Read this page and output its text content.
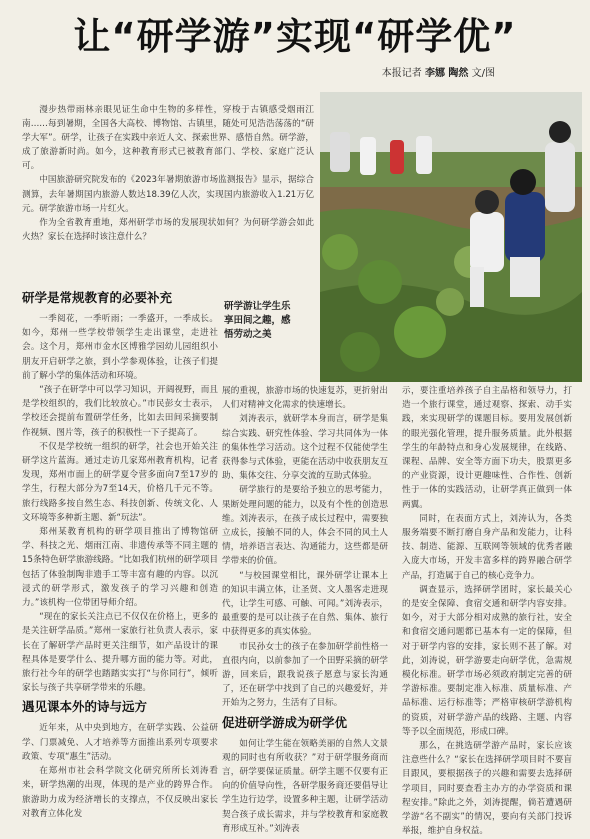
让“研学游”实现“研学优”
本报记者 李娜 陶然 文/图

漫步热带雨林亲眼见证生命中生物的多样性，穿梭于古镇感受烟雨江南……每到暑期，全国各大高校、博物馆、古镇里，随处可见浩浩荡荡的“研学大军”。研学，让孩子在实践中亲近人文、探索世界、感悟自然。研学游，成了旅游新时尚。如今，这种教育形式已被教育部门、学校、家庭广泛认可。

中国旅游研究院发布的《2023年暑期旅游市场监测报告》显示，据综合测算，去年暑期国内旅游人数达18.39亿人次，实现国内旅游收入1.21万亿元。研学旅游市场一片红火。

作为全省教育重地，郑州研学市场的发展现状如何？为何研学游会如此火热？家长在选择时该注意什么？

研学游让学生乐享田间之趣，感悟劳动之美

研学是常规教育的必要补充

一季阅花，一季听雨；一季盛开，一季成长。如今，郑州一些学校带领学生走出课堂，走进社会。这个月，郑州市金水区博雅学园幼儿园组织小朋友开启研学之旅，到小学参观体验，让孩子们提前了解小学的集体活动和环境。

“孩子在研学中可以学习知识，开阔视野，而且是学校组织的，我们比较放心。”市民彭女士表示，学校还会提前布置研学任务，比如去田间采摘要制作视频、图片等，孩子的积极性一下子提高了。

不仅是学校统一组织的研学，社会也开始关注研学这片蓝海。通过走访几家郑州教育机构，记者发现，郑州市面上的研学夏令营多面向7至17岁的学生，行程大部分为7至14天，价格几千元不等。旅行线路多按自然生态、科技创新、传统文化、人文环境等多种新主题、新“玩法”。

郑州某教育机构的研学项目推出了博物馆研学、科技之光、烟雨江南、非遗传承等不同主题的15条特色研学旅游线路。“比如我们杭州的研学项目包括了体验制陶非遗手工等丰富有趣的内容。以沉浸式的研学形式，激发孩子的学习兴趣和创造力。”该机构一位带团导师介绍。

“现在的家长关注点已不仅仅在价格上，更多的是关注研学品质。”郑州一家旅行社负责人表示，家长在了解研学产品时更关注细节，如产品设计的课程具体是要学什么、提升哪方面的能力等。对此，旅行社今年的研学也踏踏实实打“与你同行”，倾听家长与孩子共享研学带来的乐趣。

遇见课本外的诗与远方

近年来，从中央到地方，在研学实践、公益研学、门票减免、人才培养等方面推出系列专项要求政策、专项“惠生”活动。

在郑州市社会科学院文化研究所所长刘涛看来，研学热潮的出现，体现的是产业的跨界合作。旅游助力成为经济增长的支撑点，不仅反映出家长对教育立体化发

展的重视，旅游市场的快速复苏，更折射出人们对精神文化需求的快速增长。

刘涛表示，就研学本身而言，研学是集综合实践、研究性体验、学习共同体为一体的集体性学习活动。这个过程不仅能使学生获得参与式体验，更能在活动中收获朋友互助、集体交往、分享交流的互助式体验。

研学旅行的是要给予独立的思考能力，果断处理问题的能力，以及有个性的创造思维。刘涛表示，在孩子成长过程中，需要独立成长，接触不同的人，体会不同的风土人情，培养语言表达、沟通能力，这些都是研学带来的价值。

“与校园课堂相比，课外研学让课本上的知识丰满立体，让圣贤、文人墨客走进现代，让学生可感、可触、可闻。”刘涛表示，最重要的是可以让孩子在自然、集体、旅行中获得更多的真实体验。

市民孙女士的孩子在参加研学前性格一直很内向，以前参加了一个田野采摘的研学游，回来后，跟我说孩子愿意与家长沟通了，还在研学中找到了自己的兴趣爱好，并开始为之努力，生活有了目标。

促进研学游成为研学优

如何让学生能在领略美丽的自然人文景观的同时也有所收获？”对于研学服务商而言，研学要保证质量。研学主题不仅要有正向的价值导向性，各研学服务商还要倡导让学生边行边学，设置多种主题，让研学活动契合孩子成长需求，并与学校教育和家庭教育形成互补。”刘涛表

示，要注重培养孩子自主品格和领导力，打造一个旅行课堂，通过观察、探索、动手实践，来实现研学的课题目标。要用发展创新的眼光强化管理，提升服务质量。此外根据学生的年龄特点和身心发展规律，在线路、课程、品牌、安全等方面下功夫，股票更多的产业资源，设计更趣味性、合作性、创新性于一体的实践活动，让研学真正做到一体两翼。

同时，在表面方式上，刘涛认为，各类服务端要不断打磨自身产品和发能力，让科技、制造、能源、互联网等领域的优秀者融入庞大市场，开发丰富多样的跨界融合研学产品，打造属于自己的核心竞争力。

调查显示，选择研学团时，家长最关心的是安全保障、食宿交通和研学内容安排。如今，对于大部分相对成熟的旅行社，安全和食宿交通问题都已基本有一定的保障，但对于研学内容的安排，家长则不甚了解。对此，刘涛说，研学游要走向研学优，急需规模化标准。研学市场必须政府制定完善的研学游标准。要制定准入标准、质量标准、产品标准、运行标准等；严格审核研学游机构的资质，对研学游产品的线路、主题、内容等予以全面规范，形成口碑。

那么，在挑选研学游产品时，家长应该注意些什么？“家长在选择研学项目时不要盲目跟风，要根据孩子的兴趣和需要去选择研学项目，同时要查看主办方的办学资质和课程安排。”除此之外，刘涛提醒，倘若遭遇研学游“名不副实”的情况，要向有关部门投诉举报，维护自身权益。
